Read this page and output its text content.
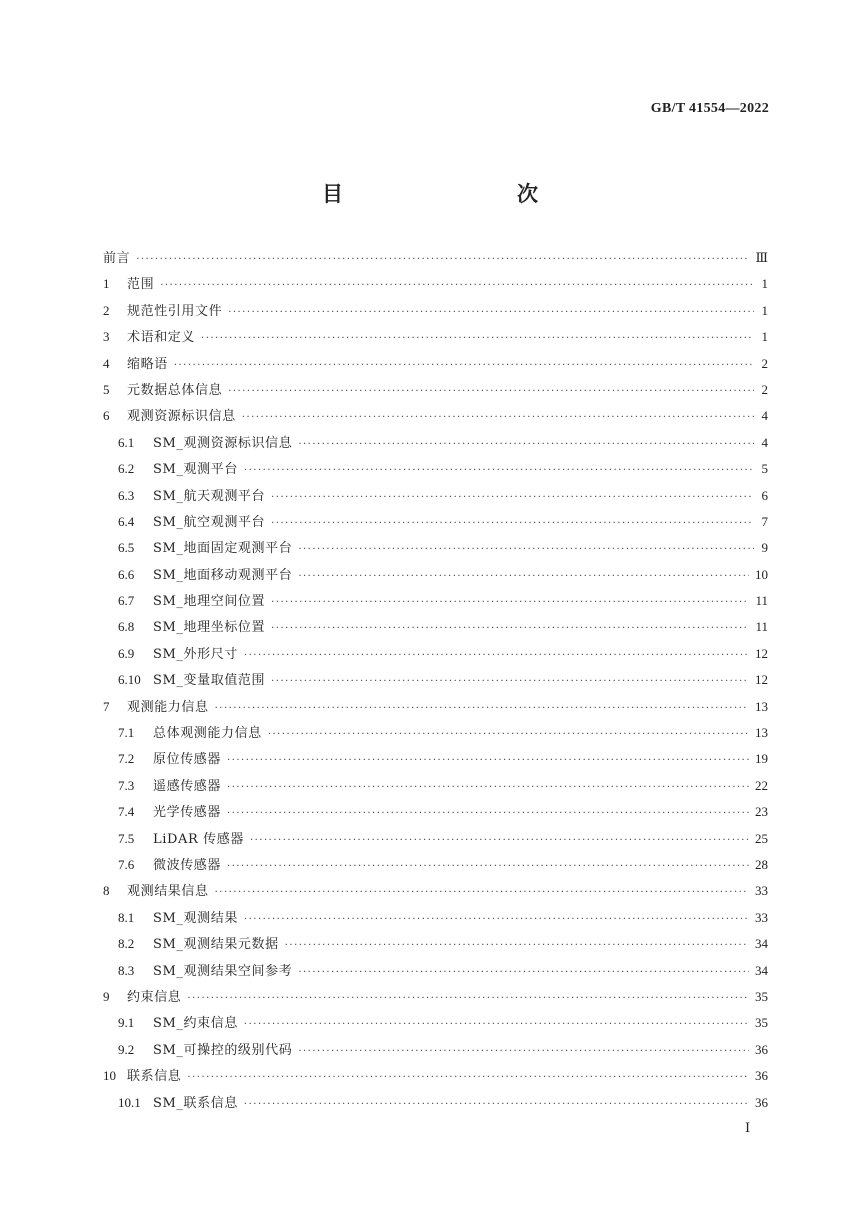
GB/T 41554—2022
目　　次
前言 ·····	Ⅲ
1	范围 ·····	1
2	规范性引用文件 ·····	1
3	术语和定义 ·····	1
4	缩略语 ·····	2
5	元数据总体信息 ·····	2
6	观测资源标识信息 ·····	4
6.1	SM_观测资源标识信息 ·····	4
6.2	SM_观测平台 ·····	5
6.3	SM_航天观测平台 ·····	6
6.4	SM_航空观测平台 ·····	7
6.5	SM_地面固定观测平台 ·····	9
6.6	SM_地面移动观测平台 ·····	10
6.7	SM_地理空间位置 ·····	11
6.8	SM_地理坐标位置 ·····	11
6.9	SM_外形尺寸 ·····	12
6.10 SM_变量取值范围 ·····	12
7	观测能力信息 ·····	13
7.1	总体观测能力信息 ·····	13
7.2	原位传感器 ·····	19
7.3	遥感传感器 ·····	22
7.4	光学传感器 ·····	23
7.5	LiDAR 传感器 ·····	25
7.6	微波传感器 ·····	28
8	观测结果信息 ·····	33
8.1	SM_观测结果 ·····	33
8.2	SM_观测结果元数据 ·····	34
8.3	SM_观测结果空间参考 ·····	34
9	约束信息 ·····	35
9.1	SM_约束信息 ·····	35
9.2	SM_可操控的级别代码 ·····	36
10 联系信息 ·····	36
10.1 SM_联系信息 ·····	36
Ⅰ
